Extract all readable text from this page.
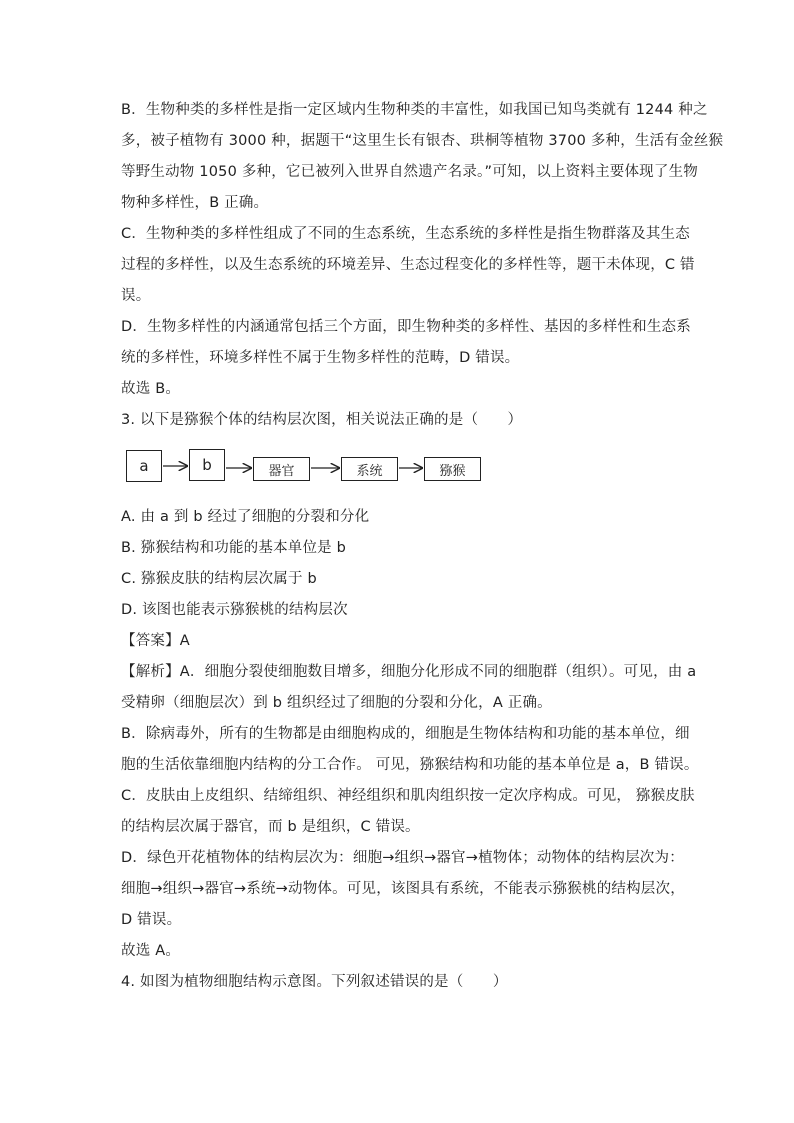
B．生物种类的多样性是指一定区域内生物种类的丰富性，如我国已知鸟类就有 1244 种之
多，被子植物有 3000 种，据题干“这里生长有银杏、珙桐等植物 3700 多种，生活有金丝猴
等野生动物 1050 多种，它已被列入世界自然遗产名录。”可知，以上资料主要体现了生物
物种多样性，B 正确。
C．生物种类的多样性组成了不同的生态系统，生态系统的多样性是指生物群落及其生态
过程的多样性，以及生态系统的环境差异、生态过程变化的多样性等，题干未体现，C 错
误。
D．生物多样性的内涵通常包括三个方面，即生物种类的多样性、基因的多样性和生态系
统的多样性，环境多样性不属于生物多样性的范畴，D 错误。
故选 B。
3. 以下是猕猴个体的结构层次图，相关说法正确的是（　　）
a	b	器官	系统	猕猴
A. 由 a 到 b 经过了细胞的分裂和分化
B. 猕猴结构和功能的基本单位是 b
C. 猕猴皮肤的结构层次属于 b
D. 该图也能表示猕猴桃的结构层次
【答案】A
【解析】A．细胞分裂使细胞数目增多，细胞分化形成不同的细胞群（组织）。可见，由 a
受精卵（细胞层次）到 b 组织经过了细胞的分裂和分化，A 正确。
B．除病毒外，所有的生物都是由细胞构成的，细胞是生物体结构和功能的基本单位，细
胞的生活依靠细胞内结构的分工合作。 可见，猕猴结构和功能的基本单位是 a，B 错误。
C．皮肤由上皮组织、结缔组织、神经组织和肌肉组织按一定次序构成。可见， 猕猴皮肤
的结构层次属于器官，而 b 是组织，C 错误。
D．绿色开花植物体的结构层次为：细胞→组织→器官→植物体；动物体的结构层次为：
细胞→组织→器官→系统→动物体。可见，该图具有系统，不能表示猕猴桃的结构层次，
D 错误。
故选 A。
4. 如图为植物细胞结构示意图。下列叙述错误的是（　　）
